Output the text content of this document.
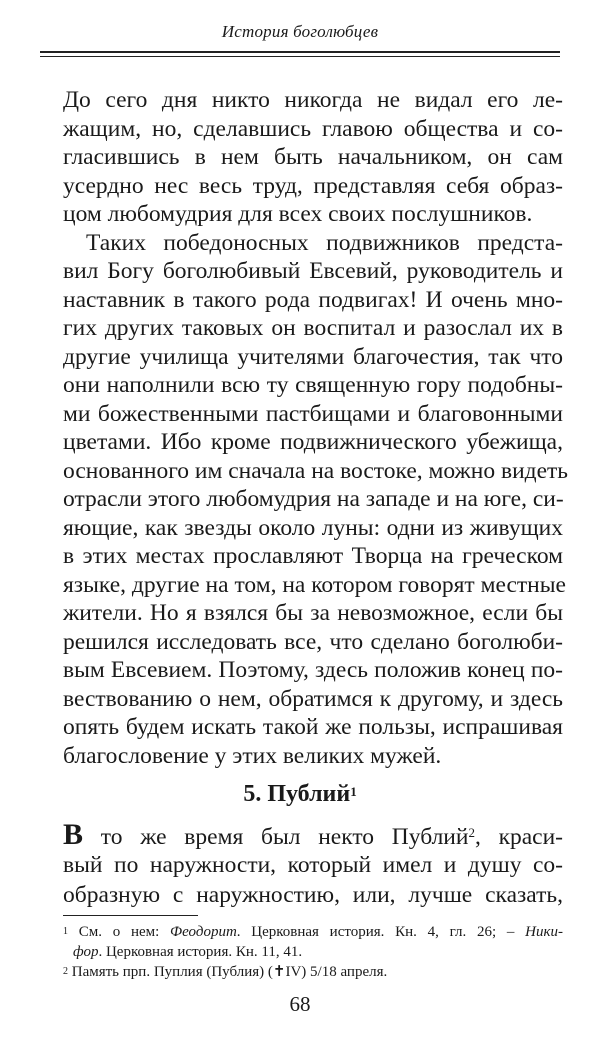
История боголюбцев
До сего дня никто никогда не видал его ле-
жащим, но, сделавшись главою общества и со-
гласившись в нем быть начальником, он сам
усердно нес весь труд, представляя себя образ-
цом любомудрия для всех своих послушников.
Таких победоносных подвижников предста-
вил Богу боголюбивый Евсевий, руководитель и
наставник в такого рода подвигах! И очень мно-
гих других таковых он воспитал и разослал их в
другие училища учителями благочестия, так что
они наполнили всю ту священную гору подобны-
ми божественными пастбищами и благовонными
цветами. Ибо кроме подвижнического убежища,
основанного им сначала на востоке, можно видеть
отрасли этого любомудрия на западе и на юге, си-
яющие, как звезды около луны: одни из живущих
в этих местах прославляют Творца на греческом
языке, другие на том, на котором говорят местные
жители. Но я взялся бы за невозможное, если бы
решился исследовать все, что сделано боголюби-
вым Евсевием. Поэтому, здесь положив конец по-
вествованию о нем, обратимся к другому, и здесь
опять будем искать такой же пользы, испрашивая
5. Публий$^1$
В то же время был некто Публий$^2$, краси-
вый по наружности, который имел и душу со-
образную с наружностию, или, лучше сказать,
$^1$ См. о нем: Феодорит. Церковная история. Кн. 4, гл. 26; – Ники-
фор. Церковная история. Кн. 11, 41.
$^2$ Память прп. Пуплия (Публия) (✝IV) 5/18 апреля.
68
благословение у этих великих мужей.
